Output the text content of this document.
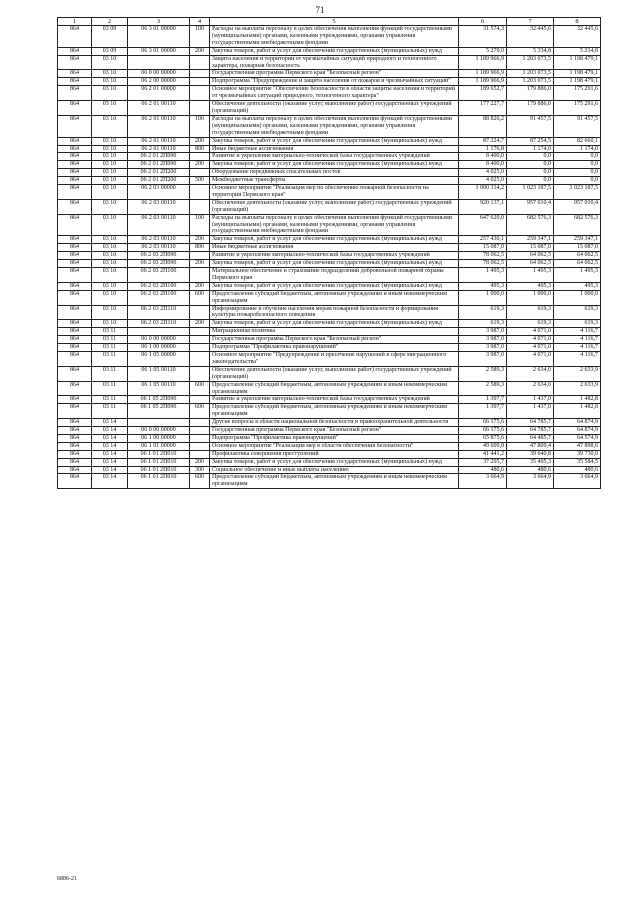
71
1	2	3	4	5	6	7	8
864	03 09	06 3 01 00090	100	Расходы на выплаты персоналу в целях обеспечения выполнения функций государственными (муниципальными) органами, казенными учреждениями, органами управления государственными внебюджетными фондами	31 574,3	32 445,6	32 445,6
864	03 09	06 3 01 00090	200	Закупка товаров, работ и услуг для обеспечения государственных (муниципальных) нужд	5 270,0	5 334,8	5 334,8
864	03 10			Защита населения и территории от чрезвычайных ситуаций природного и техногенного характера, пожарная безопасность	1 189 966,9	1 203 073,5	1 198 479,1
864	03 10	06 0 00 00000		Государственная программа Пермского края "Безопасный регион"	1 189 966,9	1 203 073,5	1 198 479,1
864	03 10	06 2 00 00000		Подпрограмма "Предупреждение и защита населения от пожаров и чрезвычайных ситуаций"	1 189 966,9	1 203 073,5	1 198 479,1
864	03 10	06 2 01 00000		Основное мероприятие "Обеспечение безопасности в области защиты населения и территорий от чрезвычайных ситуаций природного, техногенного характера"	189 652,7	179 886,0	175 291,6
864	03 10	06 2 01 00110		Обеспечение деятельности (оказание услуг, выполнение работ) государственных учреждений (организаций)	177 227,7	179 886,0	175 291,6
864	03 10	06 2 01 00110	100	Расходы на выплаты персоналу в целях обеспечения выполнения функций государственными (муниципальными) органами, казенными учреждениями, органами управления государственными внебюджетными фондами	88 826,2	91 457,5	91 457,5
864	03 10	06 2 01 00110	200	Закупка товаров, работ и услуг для обеспечения государственных (муниципальных) нужд	87 224,7	87 254,5	82 660,1
864	03 10	06 2 01 00110	800	Иные бюджетные ассигнования	1 176,8	1 174,0	1 174,0
864	03 10	06 2 01 2П090		Развитие и укрепление материально-технической базы государственных учреждений	8 400,0	0,0	0,0
864	03 10	06 2 01 2П090	200	Закупка товаров, работ и услуг для обеспечения государственных (муниципальных) нужд	8 400,0	0,0	0,0
864	03 10	06 2 01 2П200		Оборудование передвижных спасательных постов	4 025,0	0,0	0,0
864	03 10	06 2 01 2П200	500	Межбюджетные трансферты	4 025,0	0,0	0,0
864	03 10	06 2 03 00000		Основное мероприятие "Реализация мер по обеспечению пожарной безопасности на территории Пермского края"	1 000 314,2	1 023 187,5	1 023 187,5
864	03 10	06 2 03 00110		Обеспечение деятельности (оказание услуг, выполнение работ) государственных учреждений (организаций)	920 137,1	957 010,4	957 010,4
864	03 10	06 2 03 00110	100	Расходы на выплаты персоналу в целях обеспечения выполнения функций государственными (муниципальными) органами, казенными учреждениями, органами управления государственными внебюджетными фондами	647 620,0	682 576,3	682 576,3
864	03 10	06 2 03 00110	200	Закупка товаров, работ и услуг для обеспечения государственных (муниципальных) нужд	257 430,1	259 347,1	259 347,1
864	03 10	06 2 03 00110	800	Иные бюджетные ассигнования	15 087,0	15 087,0	15 087,0
864	03 10	06 2 03 2П090		Развитие и укрепление материально-технической базы государственных учреждений	78 062,5	64 062,5	64 062,5
864	03 10	06 2 03 2П090	200	Закупка товаров, работ и услуг для обеспечения государственных (муниципальных) нужд	78 062,5	64 062,5	64 062,5
864	03 10	06 2 03 2П100		Материальное обеспечение и страхование подразделений добровольной пожарной охраны Пермского края	1 495,3	1 495,3	1 495,3
864	03 10	06 2 03 2П100	200	Закупка товаров, работ и услуг для обеспечения государственных (муниципальных) нужд	495,3	495,3	495,3
864	03 10	06 2 03 2П100	600	Предоставление субсидий бюджетным, автономным учреждениям и иным некоммерческим организациям	1 000,0	1 000,0	1 000,0
864	03 10	06 2 03 2П110		Информирование и обучение населения мерам пожарной безопасности и формирования культуры пожаробезопасного поведения	619,3	619,3	619,3
864	03 10	06 2 03 2П110	200	Закупка товаров, работ и услуг для обеспечения государственных (муниципальных) нужд	619,3	619,3	619,3
864	03 11			Миграционная политика	3 987,0	4 071,0	4 116,7
864	03 11	06 0 00 00000		Государственная программа Пермского края "Безопасный регион"	3 987,0	4 071,0	4 116,7
864	03 11	06 1 00 00000		Подпрограмма "Профилактика правонарушений"	3 987,0	4 071,0	4 116,7
864	03 11	06 1 05 00000		Основное мероприятие "Предупреждение и пресечение нарушений в сфере миграционного законодательства"	3 987,0	4 071,0	4 116,7
864	03 11	06 1 05 00110		Обеспечение деятельности (оказание услуг, выполнение работ) государственных учреждений (организаций)	2 589,3	2 634,0	2 633,9
864	03 11	06 1 05 00110	600	Предоставление субсидий бюджетным, автономным учреждениям и иным некоммерческим организациям	2 589,3	2 634,0	2 633,9
864	03 11	06 1 05 2П090		Развитие и укрепление материально-технической базы государственных учреждений	1 397,7	1 437,0	1 482,8
864	03 11	06 1 05 2П090	600	Предоставление субсидий бюджетным, автономным учреждениям и иным некоммерческим организациям	1 397,7	1 437,0	1 482,8
864	03 14			Другие вопросы в области национальной безопасности и правоохранительной деятельности	66 175,6	64 785,7	64 874,9
864	03 14	06 0 00 00000		Государственная программа Пермского края "Безопасный регион"	66 175,6	64 785,7	64 874,9
864	03 14	06 1 00 00000		Подпрограмма "Профилактика правонарушений"	65 875,6	64 485,7	64 574,9
864	03 14	06 1 01 00000		Основное мероприятие "Реализация мер в области обеспечения безопасности"	49 609,8	47 809,4	47 898,6
864	03 14	06 1 01 2П010		Профилактика совершения преступлений	41 441,2	39 640,8	39 730,0
864	03 14	06 1 01 2П010	200	Закупка товаров, работ и услуг для обеспечения государственных (муниципальных) нужд	37 295,7	35 495,3	35 584,5
864	03 14	06 1 01 2П010	300	Социальное обеспечение и иные выплаты населению	480,6	480,6	480,6
864	03 14	06 1 01 2П010	600	Предоставление субсидий бюджетным, автономным учреждениям и иным некоммерческим организациям	3 664,9	3 664,9	3 664,9
6886-21
